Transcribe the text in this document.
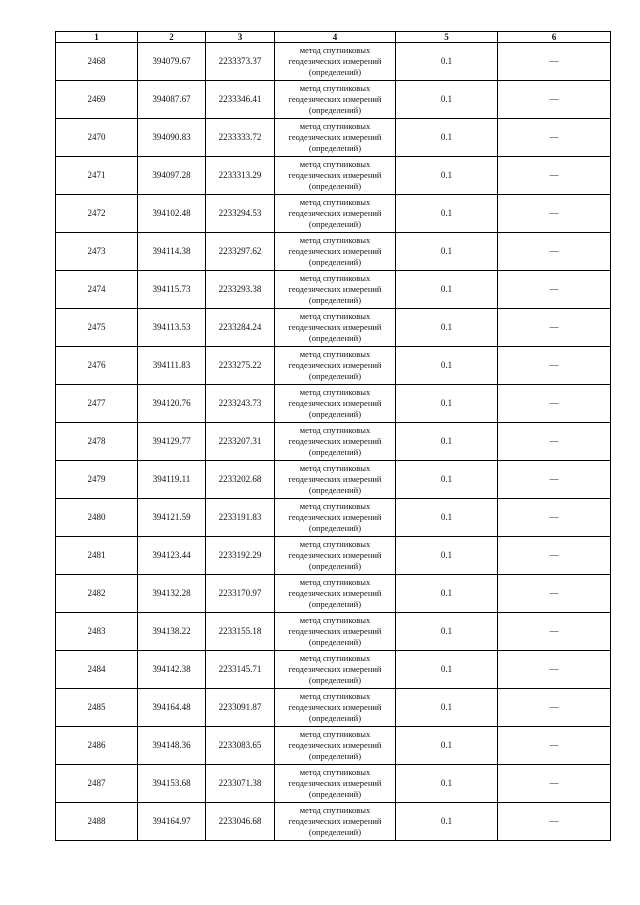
1	2	3	4	5	6
2468	394079.67	2233373.37	метод спутниковых
геодезических измерений
(определений)	0.1	—
2469	394087.67	2233346.41	метод спутниковых
геодезических измерений
(определений)	0.1	—
2470	394090.83	2233333.72	метод спутниковых
геодезических измерений
(определений)	0.1	—
2471	394097.28	2233313.29	метод спутниковых
геодезических измерений
(определений)	0.1	—
2472	394102.48	2233294.53	метод спутниковых
геодезических измерений
(определений)	0.1	—
2473	394114.38	2233297.62	метод спутниковых
геодезических измерений
(определений)	0.1	—
2474	394115.73	2233293.38	метод спутниковых
геодезических измерений
(определений)	0.1	—
2475	394113.53	2233284.24	метод спутниковых
геодезических измерений
(определений)	0.1	—
2476	394111.83	2233275.22	метод спутниковых
геодезических измерений
(определений)	0.1	—
2477	394120.76	2233243.73	метод спутниковых
геодезических измерений
(определений)	0.1	—
2478	394129.77	2233207.31	метод спутниковых
геодезических измерений
(определений)	0.1	—
2479	394119.11	2233202.68	метод спутниковых
геодезических измерений
(определений)	0.1	—
2480	394121.59	2233191.83	метод спутниковых
геодезических измерений
(определений)	0.1	—
2481	394123.44	2233192.29	метод спутниковых
геодезических измерений
(определений)	0.1	—
2482	394132.28	2233170.97	метод спутниковых
геодезических измерений
(определений)	0.1	—
2483	394138.22	2233155.18	метод спутниковых
геодезических измерений
(определений)	0.1	—
2484	394142.38	2233145.71	метод спутниковых
геодезических измерений
(определений)	0.1	—
2485	394164.48	2233091.87	метод спутниковых
геодезических измерений
(определений)	0.1	—
2486	394148.36	2233083.65	метод спутниковых
геодезических измерений
(определений)	0.1	—
2487	394153.68	2233071.38	метод спутниковых
геодезических измерений
(определений)	0.1	—
2488	394164.97	2233046.68	метод спутниковых
геодезических измерений
(определений)	0.1	—
